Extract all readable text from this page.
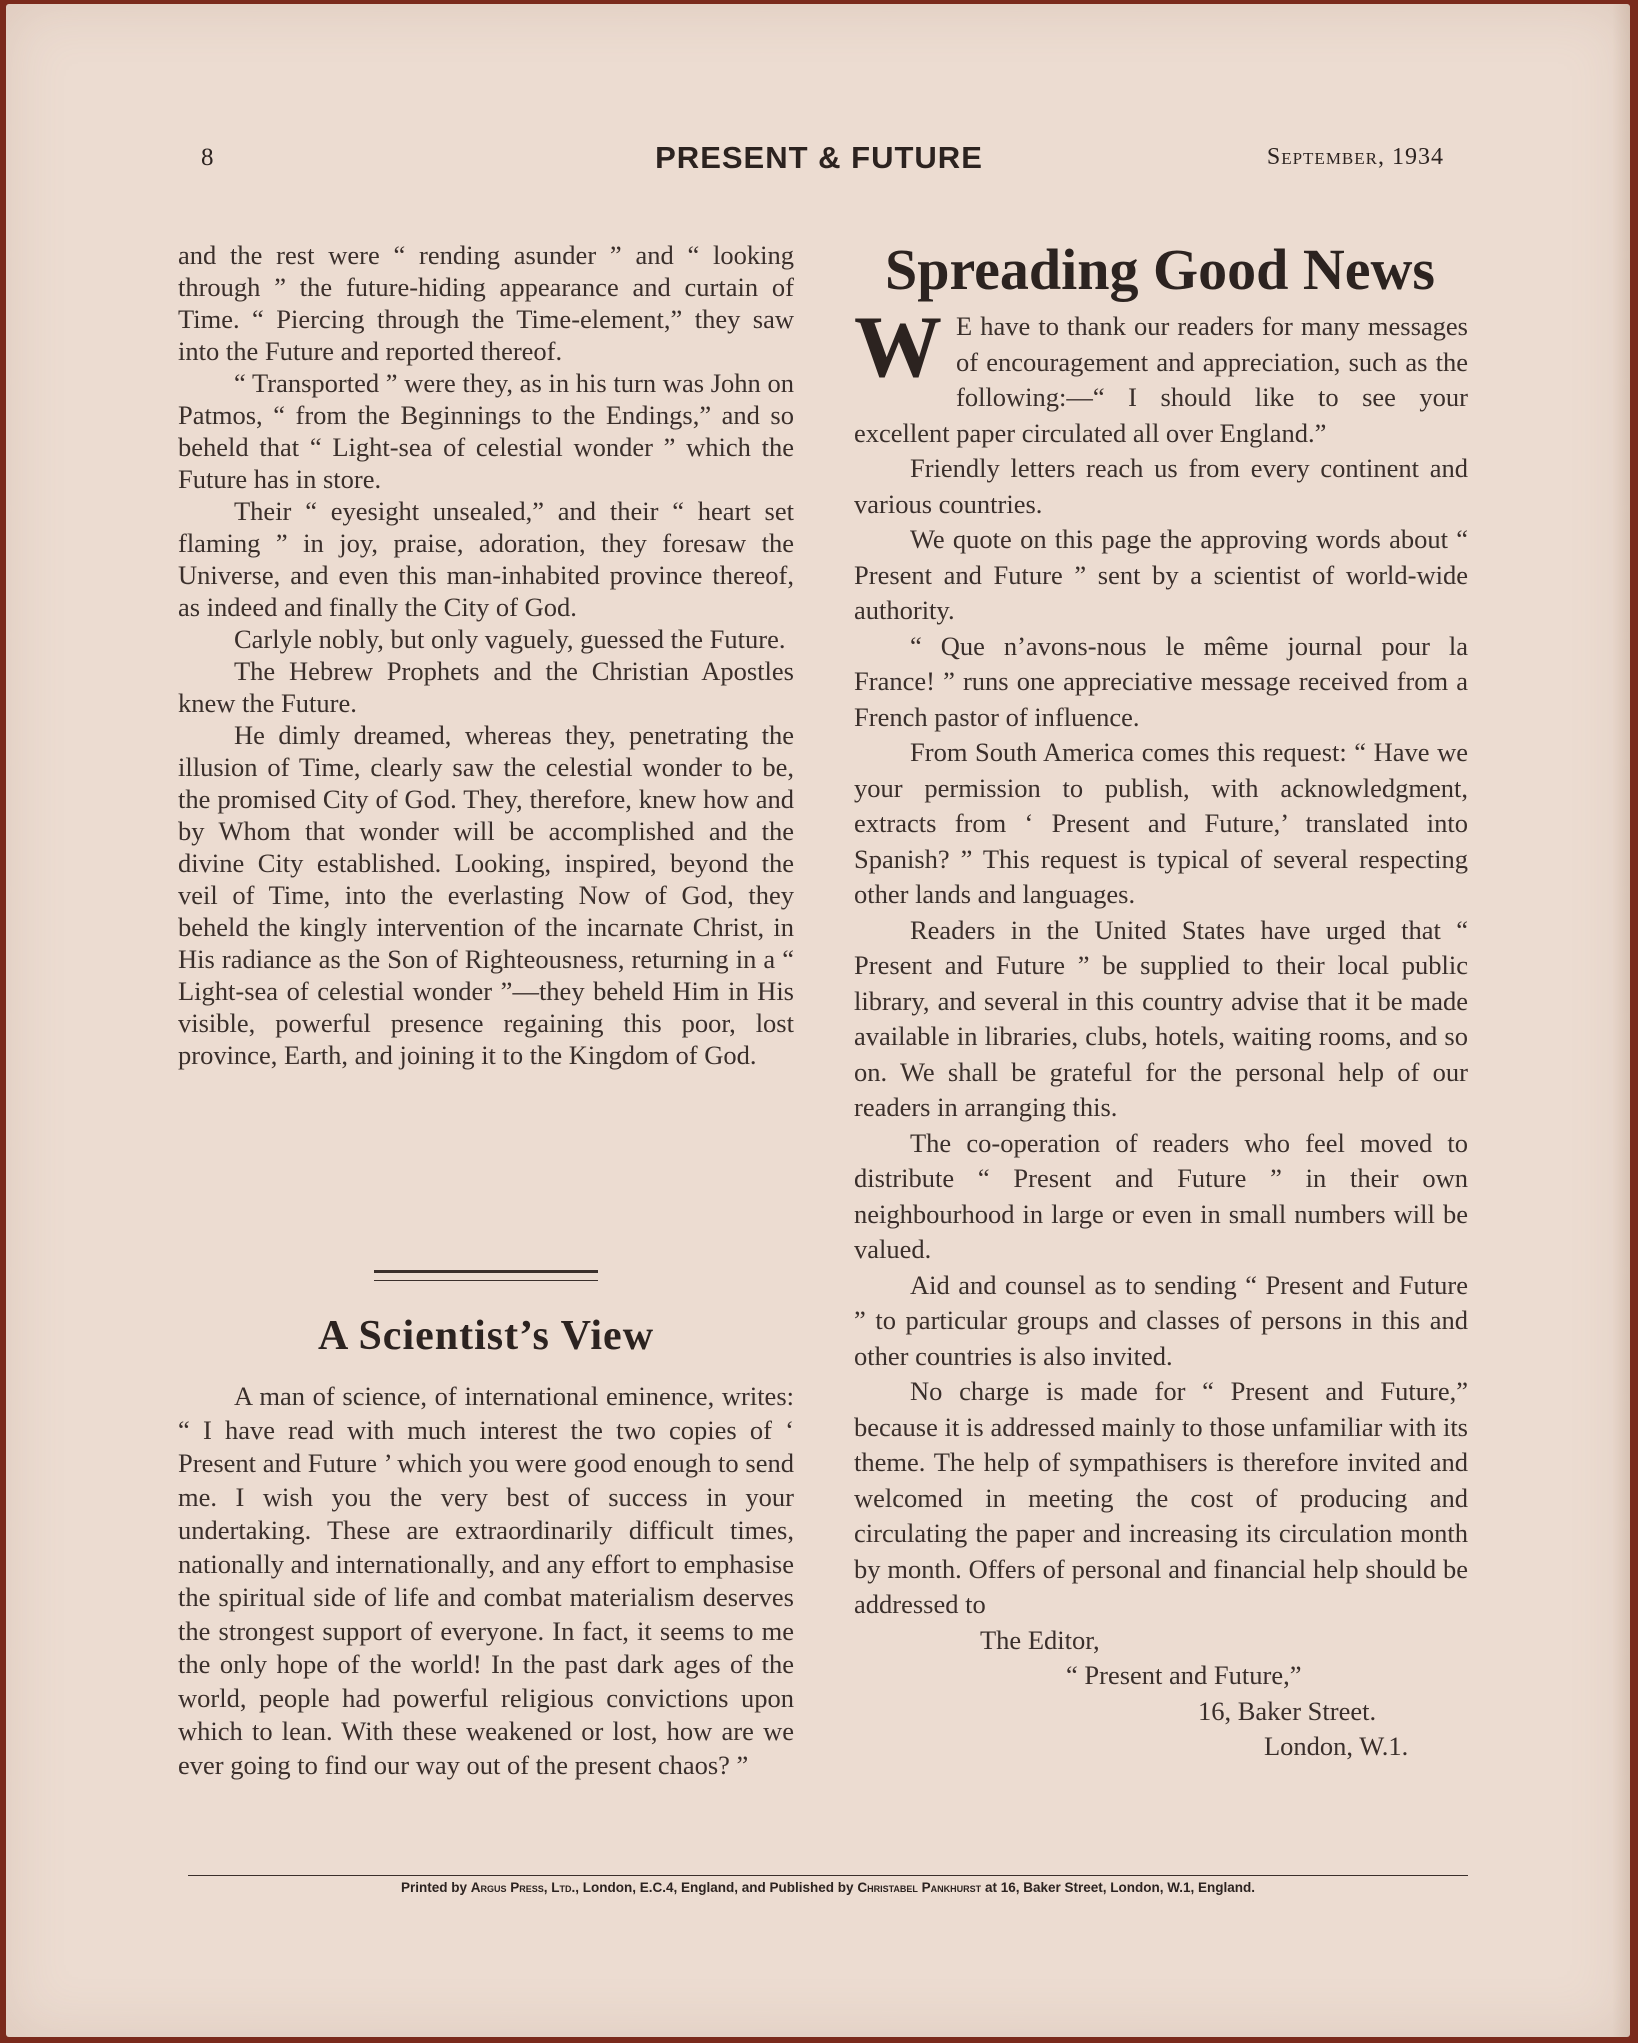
8	PRESENT & FUTURE	September, 1934

and the rest were “ rending asunder ” and “ looking through ” the future-hiding appearance and curtain of Time. “ Piercing through the Time-element,” they saw into the Future and reported thereof.

“ Transported ” were they, as in his turn was John on Patmos, “ from the Beginnings to the Endings,” and so beheld that “ Light-sea of celestial wonder ” which the Future has in store.

Their “ eyesight unsealed,” and their “ heart set flaming ” in joy, praise, adoration, they foresaw the Universe, and even this man-inhabited province thereof, as indeed and finally the City of God.

Carlyle nobly, but only vaguely, guessed the Future.

The Hebrew Prophets and the Christian Apostles knew the Future.

He dimly dreamed, whereas they, penetrating the illusion of Time, clearly saw the celestial wonder to be, the promised City of God. They, therefore, knew how and by Whom that wonder will be accomplished and the divine City established. Looking, inspired, beyond the veil of Time, into the everlasting Now of God, they beheld the kingly intervention of the incarnate Christ, in His radiance as the Son of Righteousness, returning in a “ Light-sea of celestial wonder ”—they beheld Him in His visible, powerful presence regaining this poor, lost province, Earth, and joining it to the Kingdom of God.

A Scientist’s View

A man of science, of international eminence, writes: “ I have read with much interest the two copies of ‘ Present and Future ’ which you were good enough to send me. I wish you the very best of success in your undertaking. These are extraordinarily difficult times, nationally and internationally, and any effort to emphasise the spiritual side of life and combat materialism deserves the strongest support of everyone. In fact, it seems to me the only hope of the world! In the past dark ages of the world, people had powerful religious convictions upon which to lean. With these weakened or lost, how are we ever going to find our way out of the present chaos? ”

Spreading Good News

W E have to thank our readers for many messages of encouragement and appreciation, such as the following:—“ I should like to see your excellent paper circulated all over England.”

Friendly letters reach us from every continent and various countries.

We quote on this page the approving words about “ Present and Future ” sent by a scientist of world-wide authority.

“ Que n’avons-nous le même journal pour la France! ” runs one appreciative message received from a French pastor of influence.

From South America comes this request: “ Have we your permission to publish, with acknowledgment, extracts from ‘ Present and Future,’ translated into Spanish? ” This request is typical of several respecting other lands and languages.

Readers in the United States have urged that “ Present and Future ” be supplied to their local public library, and several in this country advise that it be made available in libraries, clubs, hotels, waiting rooms, and so on. We shall be grateful for the personal help of our readers in arranging this.

The co-operation of readers who feel moved to distribute “ Present and Future ” in their own neighbourhood in large or even in small numbers will be valued.

Aid and counsel as to sending “ Present and Future ” to particular groups and classes of persons in this and other countries is also invited.

No charge is made for “ Present and Future,” because it is addressed mainly to those unfamiliar with its theme. The help of sympathisers is therefore invited and welcomed in meeting the cost of producing and circulating the paper and increasing its circulation month by month. Offers of personal and financial help should be addressed to

The Editor,
“ Present and Future,”
16, Baker Street.
London, W.1.
Printed by Argus Press, Ltd., London, E.C.4, England, and Published by Christabel Pankhurst at 16, Baker Street, London, W.1, England.
